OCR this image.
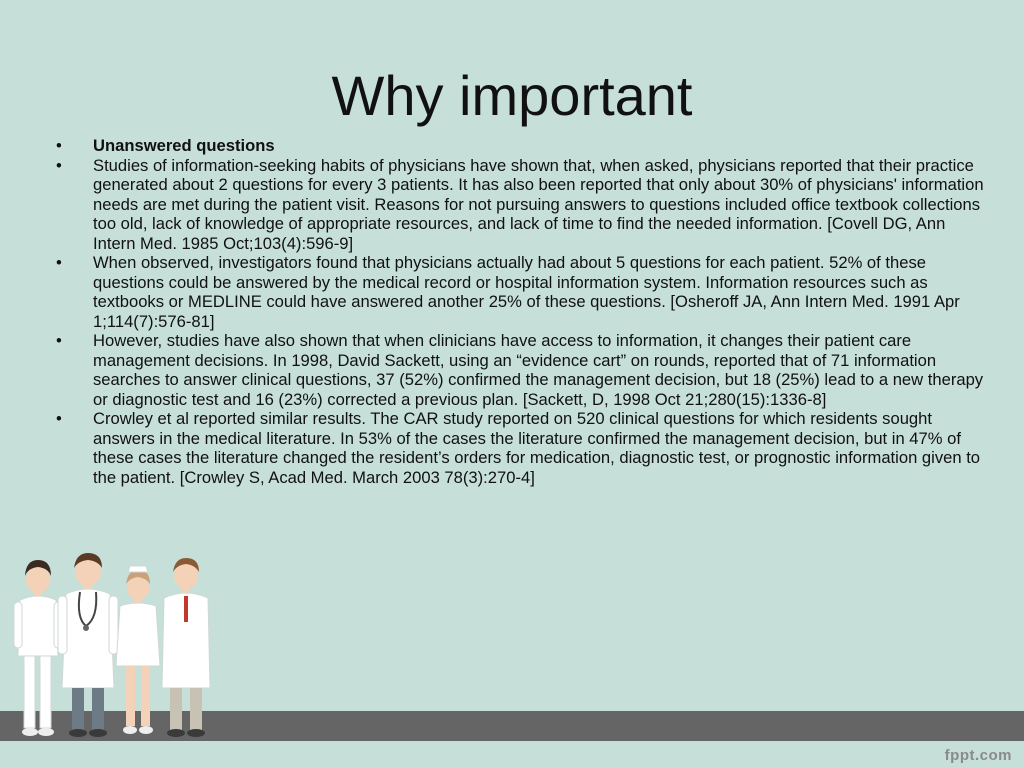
Why important
•	Unanswered questions
•	Studies of information-seeking habits of physicians have shown that, when asked, physicians reported that their practice generated about 2 questions for every 3 patients. It has also been reported that only about 30% of physicians' information needs are met during the patient visit. Reasons for not pursuing answers to questions included office textbook collections too old, lack of knowledge of appropriate resources, and lack of time to find the needed information. [Covell DG, Ann Intern Med. 1985 Oct;103(4):596-9]
•	When observed, investigators found that physicians actually had about 5 questions for each patient. 52% of these questions could be answered by the medical record or hospital information system. Information resources such as textbooks or MEDLINE could have answered another 25% of these questions. [Osheroff JA, Ann Intern Med. 1991 Apr 1;114(7):576-81]
•	However, studies have also shown that when clinicians have access to information, it changes their patient care management decisions. In 1998, David Sackett, using an “evidence cart” on rounds, reported that of 71 information searches to answer clinical questions, 37 (52%) confirmed the management decision, but 18 (25%) lead to a new therapy or diagnostic test and 16 (23%) corrected a previous plan. [Sackett, D, 1998 Oct 21;280(15):1336-8]
•	Crowley et al reported similar results. The CAR study reported on 520 clinical questions for which residents sought answers in the medical literature. In 53% of the cases the literature confirmed the management decision, but in 47% of these cases the literature changed the resident’s orders for medication, diagnostic test, or prognostic information given to the patient. [Crowley S, Acad Med. March 2003 78(3):270-4]
fppt.com
